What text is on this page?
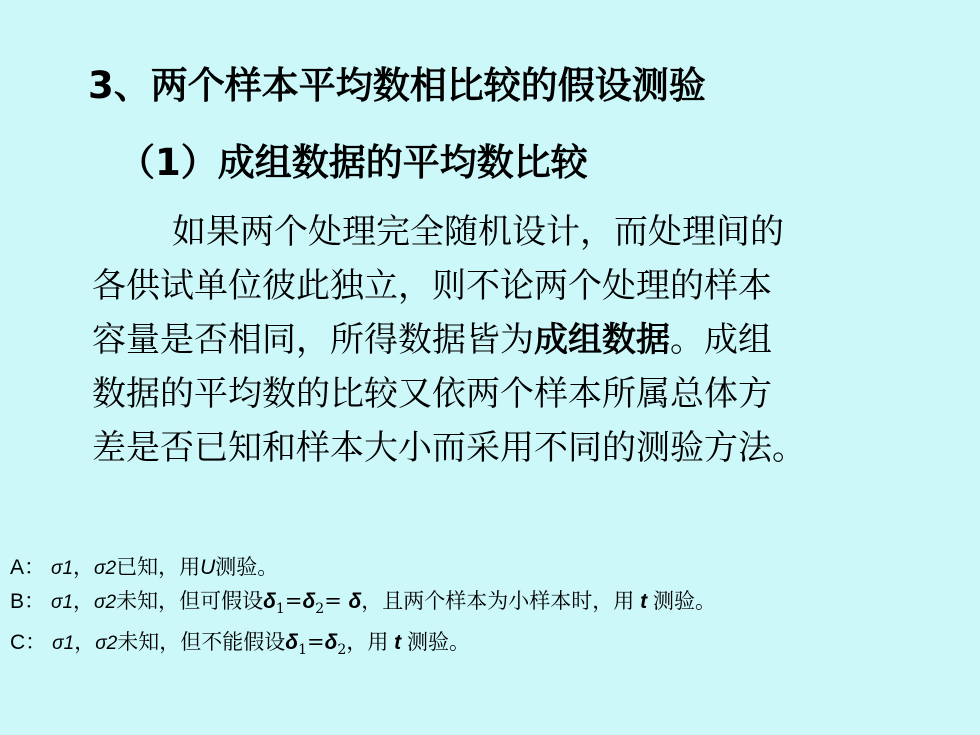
3、两个样本平均数相比较的假设测验
（1）成组数据的平均数比较
如果两个处理完全随机设计，而处理间的
各供试单位彼此独立，则不论两个处理的样本
容量是否相同，所得数据皆为成组数据。成组
数据的平均数的比较又依两个样本所属总体方
差是否已知和样本大小而采用不同的测验方法。
A： σ1，σ2已知，用U测验。
B： σ1，σ2未知，但可假设$\delta_1=\delta_2= \delta$，且两个样本为小样本时，用 t 测验。
C： σ1，σ2未知，但不能假设$\delta_1=\delta_2$，用 t 测验。
